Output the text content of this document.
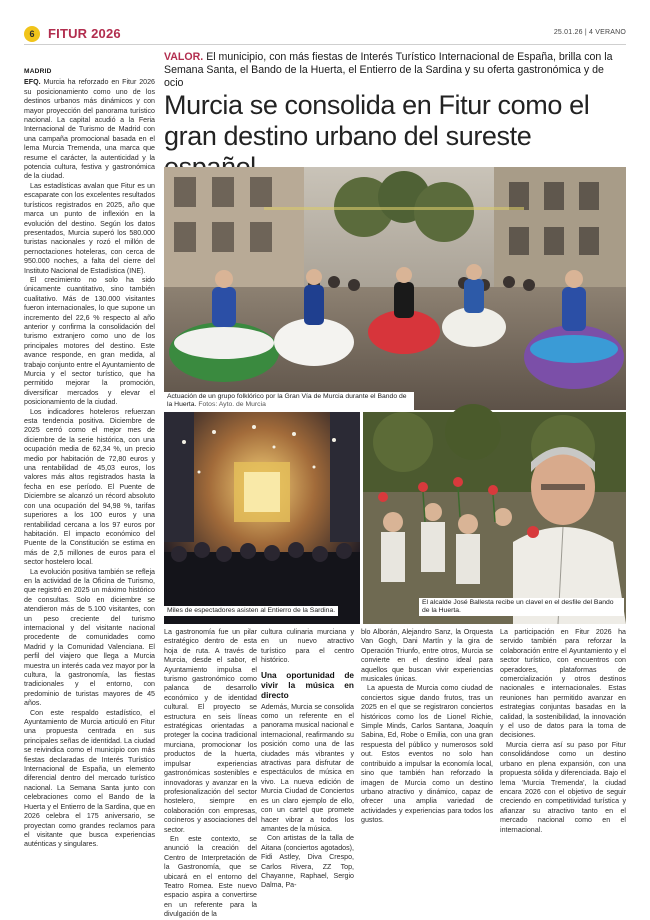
6	FITUR 2026	25.01.26 | 4 VERANO
MADRID

EFQ. Murcia ha reforzado en Fitur 2026 su posicionamiento como uno de los destinos urbanos más dinámicos y con mayor proyección del panorama turístico nacional. La capital acudió a la Feria Internacional de Turismo de Madrid con una campaña promocional basada en el lema Murcia Tremenda, una marca que resume el carácter, la autenticidad y la potencia cultura, festiva y gastronómica de la ciudad.

Las estadísticas avalan que Fitur es un escaparate con los excelentes resultados turísticos registrados en 2025, año que marca un punto de inflexión en la evolución del destino. Según los datos presentados, Murcia superó los 580.000 turistas nacionales y rozó el millón de pernoctaciones hoteleras, con cerca de 950.000 noches, a falta del cierre del Instituto Nacional de Estadística (INE).

El crecimiento no solo ha sido únicamente cuantitativo, sino también cualitativo. Más de 130.000 visitantes fueron internacionales, lo que supone un incremento del 22,6 % respecto al año anterior y confirma la consolidación del turismo extranjero como uno de los principales motores del destino. Este avance responde, en gran medida, al trabajo conjunto entre el Ayuntamiento de Murcia y el sector turístico, que ha permitido mejorar la promoción, diversificar mercados y elevar el posicionamiento de la ciudad.

Los indicadores hoteleros refuerzan esta tendencia positiva. Diciembre de 2025 cerró como el mejor mes de diciembre de la serie histórica, con una ocupación media de 62,34 %, un precio medio por habitación de 72,80 euros y una rentabilidad de 45,03 euros, los valores más altos registrados hasta la fecha en ese período. El Puente de Diciembre se alcanzó un récord absoluto con una ocupación del 94,98 %, tarifas superiores a los 100 euros y una rentabilidad cercana a los 97 euros por habitación. El impacto económico del Puente de la Constitución se estima en más de 2,5 millones de euros para el sector hostelero local.

La evolución positiva también se refleja en la actividad de la Oficina de Turismo, que registró en 2025 un máximo histórico de consultas. Solo en diciembre se atendieron más de 5.100 visitantes, con un peso creciente del turismo internacional y del visitante nacional procedente de comunidades como Madrid y la Comunidad Valenciana. El perfil del viajero que llega a Murcia muestra un interés cada vez mayor por la cultura, la gastronomía, las fiestas tradicionales y el entorno, con predominio de turistas mayores de 45 años.

Con este respaldo estadístico, el Ayuntamiento de Murcia articuló en Fitur una propuesta centrada en sus principales señas de identidad. La ciudad se reivindica como el municipio con más fiestas declaradas de Interés Turístico Internacional de España, un elemento diferencial dentro del mercado turístico nacional. La Semana Santa junto con celebraciones como el Bando de la Huerta y el Entierro de la Sardina, que en 2026 celebra el 175 aniversario, se proyectan como grandes reclamos para el visitante que busca experiencias auténticas y singulares.

VALOR. El municipio, con más fiestas de Interés Turístico Internacional de España, brilla con la Semana Santa, el Bando de la Huerta, el Entierro de la Sardina y su oferta gastronómica y de ocio
Murcia se consolida en Fitur como el gran destino urbano del sureste
Actuación de un grupo folklórico por la Gran Vía de Murcia durante el Bando de la Huerta. Fotos: Ayto. de Murcia
Miles de espectadores asisten al Entierro de la Sardina.
El alcalde José Ballesta recibe un clavel en el desfile del Bando de la Huerta.

La gastronomía fue un pilar estratégico dentro de esta hoja de ruta. A través de Murcia, desde el sabor, el Ayuntamiento impulsa el turismo gastronómico como palanca de desarrollo económico y de identidad cultural. El proyecto se estructura en seis líneas estratégicas orientadas a proteger la cocina tradicional murciana, promocionar los productos de la huerta, impulsar experiencias gastronómicas sostenibles e innovadoras y avanzar en la profesionalización del sector hostelero, siempre en colaboración con empresas, cocineros y asociaciones del sector.

En este contexto, se anunció la creación del Centro de Interpretación de la Gastronomía, que se ubicará en el entorno del Teatro Romea. Este nuevo espacio aspira a convertirse en un referente para la divulgación de la

cultura culinaria murciana y en un nuevo atractivo turístico para el centro histórico.

Una oportunidad de vivir la música en directo

Además, Murcia se consolida como un referente en el panorama musical nacional e internacional, reafirmando su posición como una de las ciudades más vibrantes y atractivas para disfrutar de espectáculos de música en vivo. La nueva edición de Murcia Ciudad de Conciertos es un claro ejemplo de ello, con un cartel que promete hacer vibrar a todos los amantes de la música.

Con artistas de la talla de Aitana (conciertos agotados), Fidi Astley, Diva Crespo, Carlos Rivera, ZZ Top, Chayanne, Raphael, Sergio Dalma, Pa-

blo Alborán, Alejandro Sanz, la Orquesta Van Gogh, Dani Martín y la gira de Operación Triunfo, entre otros, Murcia se convierte en el destino ideal para aquellos que buscan vivir experiencias musicales únicas.

La apuesta de Murcia como ciudad de conciertos sigue dando frutos, tras un 2025 en el que se registraron conciertos históricos como los de Lionel Richie, Simple Minds, Carlos Santana, Joaquín Sabina, Ed, Robe o Emilia, con una gran respuesta del público y numerosos sold out. Estos eventos no solo han contribuido a impulsar la economía local, sino que también han reforzado la imagen de Murcia como un destino urbano atractivo y dinámico, capaz de ofrecer una amplia variedad de actividades y experiencias para todos los gustos.

La participación en Fitur 2026 ha servido también para reforzar la colaboración entre el Ayuntamiento y el sector turístico, con encuentros con operadores, plataformas de comercialización y otros destinos nacionales e internacionales. Estas reuniones han permitido avanzar en estrategias conjuntas basadas en la calidad, la sostenibilidad, la innovación y el uso de datos para la toma de decisiones.

Murcia cierra así su paso por Fitur consolidándose como un destino urbano en plena expansión, con una propuesta sólida y diferenciada. Bajo el lema 'Murcia Tremenda', la ciudad encara 2026 con el objetivo de seguir creciendo en competitividad turística y afianzar su atractivo tanto en el mercado nacional como en el internacional.
